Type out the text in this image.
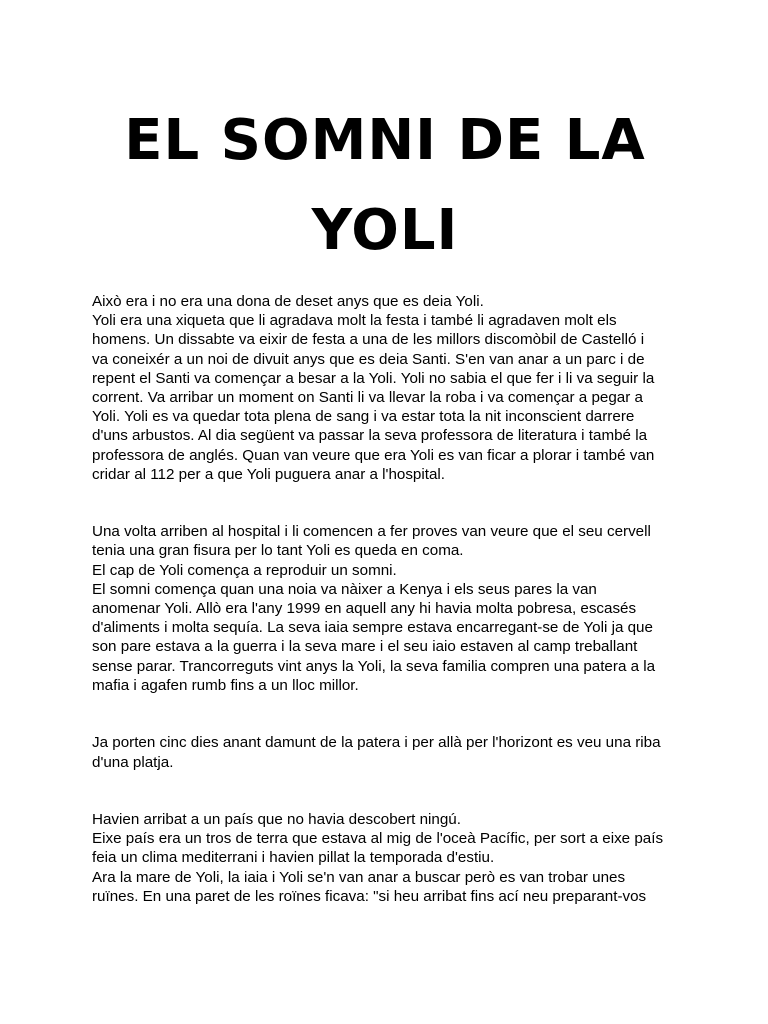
EL SOMNI DE LA
YOLI
Això era i no era una dona de deset anys que es deia Yoli.
Yoli era una xiqueta que li agradava molt la festa i també li agradaven molt els
homens. Un dissabte va eixir de festa a una de les millors discomòbil de Castelló i
va coneixér a un noi de divuit anys que es deia Santi. S'en van anar a un parc i de
repent el Santi va començar a besar a la Yoli. Yoli no sabia el que fer i li va seguir la
corrent. Va arribar un moment on Santi li va llevar la roba i va començar a pegar a
Yoli. Yoli es va quedar tota plena de sang i va estar tota la nit inconscient darrere
d'uns arbustos. Al dia següent va passar la seva professora de literatura i també la
professora de anglés. Quan van veure que era Yoli es van ficar a plorar i també van
cridar al 112 per a que Yoli puguera anar a l'hospital.
Una volta arriben al hospital i li comencen a fer proves van veure que el seu cervell
tenia una gran fisura per lo tant Yoli es queda en coma.
El cap de Yoli comença a reproduir un somni.
El somni comença quan una noia va nàixer a Kenya i els seus pares la van
anomenar Yoli. Allò era l'any 1999 en aquell any hi havia molta pobresa, escasés
d'aliments i molta sequía. La seva iaia sempre estava encarregant-se de Yoli ja que
son pare estava a la guerra i la seva mare i el seu iaio estaven al camp treballant
sense parar. Trancorreguts vint anys la Yoli, la seva familia compren una patera a la
mafia i agafen rumb fins a un lloc millor.
Ja porten cinc dies anant damunt de la patera i per allà per l'horizont es veu una riba
d'una platja.
Havien arribat a un país que no havia descobert ningú.
Eixe país era un tros de terra que estava al mig de l'oceà Pacífic, per sort a eixe país
feia un clima mediterrani i havien pillat la temporada d'estiu.
Ara la mare de Yoli, la iaia i Yoli se'n van anar a buscar però es van trobar unes
ruïnes. En una paret de les roïnes ficava: "si heu arribat fins ací neu preparant-vos
